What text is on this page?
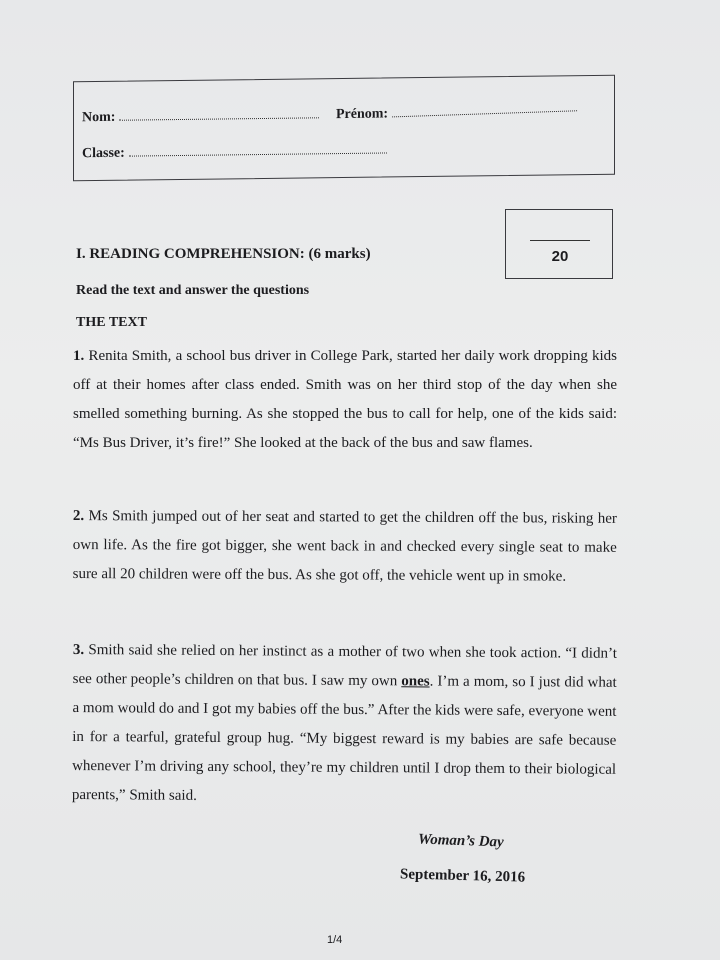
Nom:	Prénom:
Classe:
20
I. READING COMPREHENSION: (6 marks)
Read the text and answer the questions
THE TEXT
1. Renita Smith, a school bus driver in College Park, started her daily work dropping kids off at their homes after class ended. Smith was on her third stop of the day when she smelled something burning. As she stopped the bus to call for help, one of the kids said: “Ms Bus Driver, it’s fire!” She looked at the back of the bus and saw flames.
2. Ms Smith jumped out of her seat and started to get the children off the bus, risking her own life. As the fire got bigger, she went back in and checked every single seat to make sure all 20 children were off the bus. As she got off, the vehicle went up in smoke.
3. Smith said she relied on her instinct as a mother of two when she took action. “I didn’t see other people’s children on that bus. I saw my own ones. I’m a mom, so I just did what a mom would do and I got my babies off the bus.” After the kids were safe, everyone went in for a tearful, grateful group hug. “My biggest reward is my babies are safe because whenever I’m driving any school, they’re my children until I drop them to their biological parents,” Smith said.
Woman’s Day
September 16, 2016
1/4
